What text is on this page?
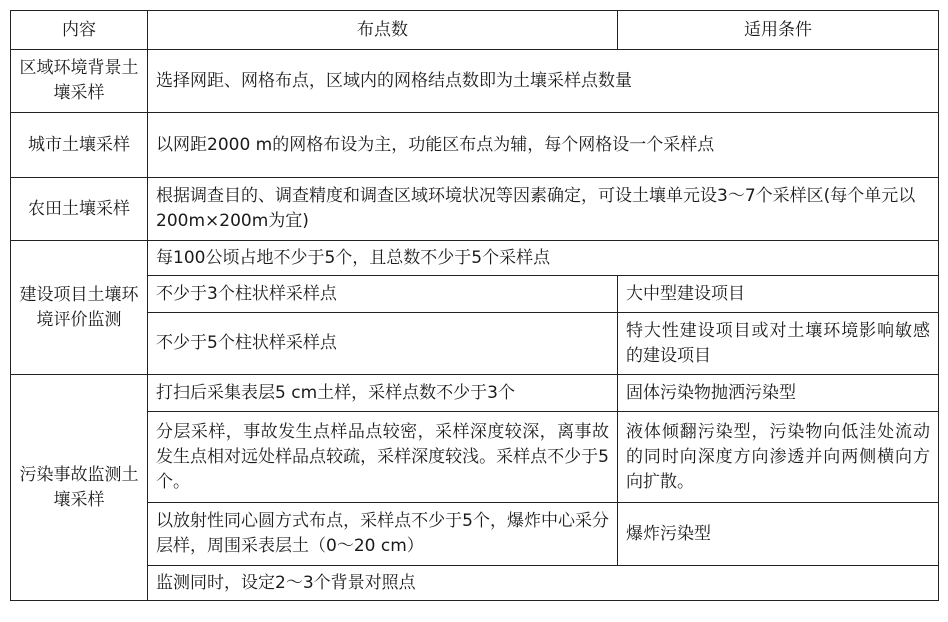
内容	布点数	适用条件
区域环境背景土壤采样	选择网距、网格布点，区域内的网格结点数即为土壤采样点数量	
城市土壤采样	以网距2000 m的网格布设为主，功能区布点为辅，每个网格设一个采样点	
农田土壤采样	根据调查目的、调查精度和调查区域环境状况等因素确定，可设土壤单元设3～7个采样区(每个单元以200m×200m为宜)	
建设项目土壤环境评价监测	每100公顷占地不少于5个，且总数不少于5个采样点	
	不少于3个柱状样采样点	大中型建设项目
	不少于5个柱状样采样点	特大性建设项目或对土壤环境影响敏感的建设项目
污染事故监测土壤采样	打扫后采集表层5 cm土样，采样点数不少于3个	固体污染物抛洒污染型
	分层采样，事故发生点样品点较密，采样深度较深，离事故发生点相对远处样品点较疏，采样深度较浅。采样点不少于5个。	液体倾翻污染型，污染物向低洼处流动的同时向深度方向渗透并向两侧横向方向扩散。
	以放射性同心圆方式布点，采样点不少于5个，爆炸中心采分层样，周围采表层土（0～20 cm）	爆炸污染型
	监测同时，设定2～3个背景对照点	
